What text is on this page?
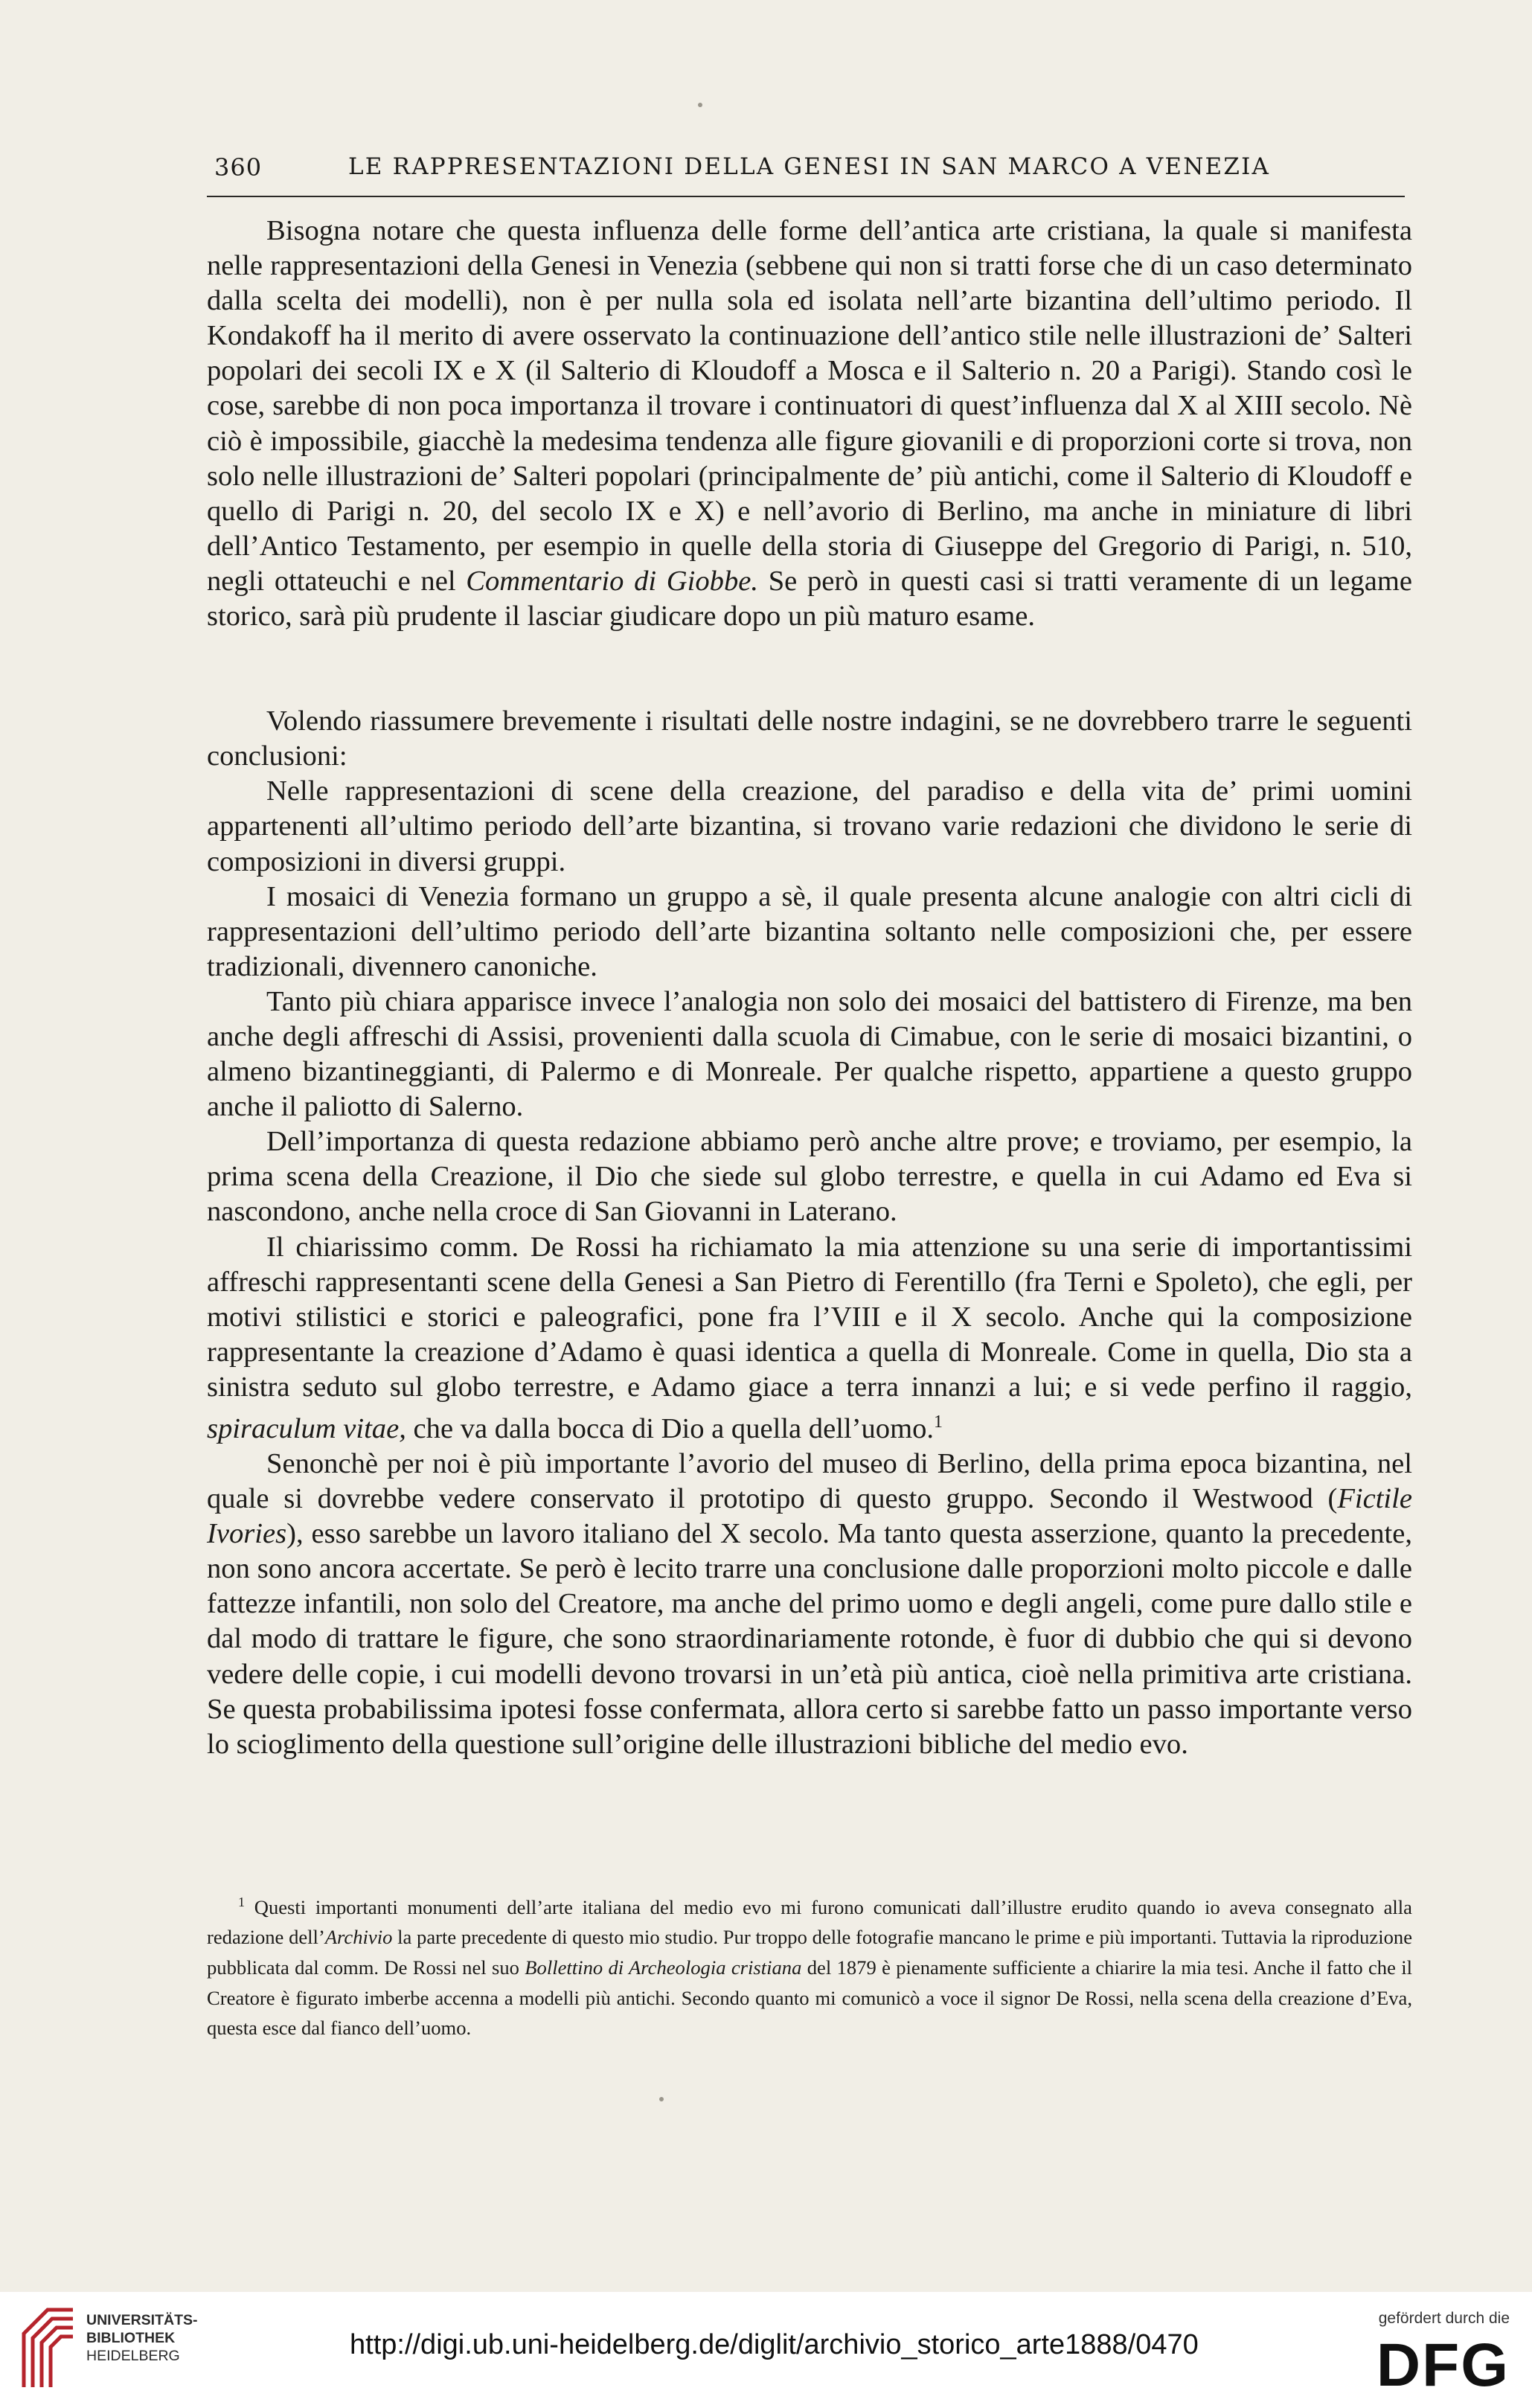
360	LE RAPPRESENTAZIONI DELLA GENESI IN SAN MARCO A VENEZIA

Bisogna notare che questa influenza delle forme dell’antica arte cristiana, la quale si manifesta nelle rappresentazioni della Genesi in Venezia (sebbene qui non si tratti forse che di un caso determinato dalla scelta dei modelli), non è per nulla sola ed isolata nell’arte bizantina dell’ultimo periodo. Il Kondakoff ha il merito di avere osservato la continuazione dell’antico stile nelle illustrazioni de’ Salteri popolari dei secoli IX e X (il Salterio di Kloudoff a Mosca e il Salterio n. 20 a Parigi). Stando così le cose, sarebbe di non poca importanza il trovare i continuatori di quest’influenza dal X al XIII secolo. Nè ciò è impossibile, giacchè la medesima tendenza alle figure giovanili e di proporzioni corte si trova, non solo nelle illustrazioni de’ Salteri popolari (principalmente de’ più antichi, come il Salterio di Kloudoff e quello di Parigi n. 20, del secolo IX e X) e nell’avorio di Berlino, ma anche in miniature di libri dell’Antico Testamento, per esempio in quelle della storia di Giuseppe del Gregorio di Parigi, n. 510, negli ottateuchi e nel Commentario di Giobbe. Se però in questi casi si tratti veramente di un legame storico, sarà più prudente il lasciar giudicare dopo un più maturo esame.

Volendo riassumere brevemente i risultati delle nostre indagini, se ne dovrebbero trarre le seguenti conclusioni:

Nelle rappresentazioni di scene della creazione, del paradiso e della vita de’ primi uomini appartenenti all’ultimo periodo dell’arte bizantina, si trovano varie redazioni che dividono le serie di composizioni in diversi gruppi.

I mosaici di Venezia formano un gruppo a sè, il quale presenta alcune analogie con altri cicli di rappresentazioni dell’ultimo periodo dell’arte bizantina soltanto nelle composizioni che, per essere tradizionali, divennero canoniche.

Tanto più chiara apparisce invece l’analogia non solo dei mosaici del battistero di Firenze, ma ben anche degli affreschi di Assisi, provenienti dalla scuola di Cimabue, con le serie di mosaici bizantini, o almeno bizantineggianti, di Palermo e di Monreale. Per qualche rispetto, appartiene a questo gruppo anche il paliotto di Salerno.

Dell’importanza di questa redazione abbiamo però anche altre prove; e troviamo, per esempio, la prima scena della Creazione, il Dio che siede sul globo terrestre, e quella in cui Adamo ed Eva si nascondono, anche nella croce di San Giovanni in Laterano.

Il chiarissimo comm. De Rossi ha richiamato la mia attenzione su una serie di importantissimi affreschi rappresentanti scene della Genesi a San Pietro di Ferentillo (fra Terni e Spoleto), che egli, per motivi stilistici e storici e paleografici, pone fra l’VIII e il X secolo. Anche qui la composizione rappresentante la creazione d’Adamo è quasi identica a quella di Monreale. Come in quella, Dio sta a sinistra seduto sul globo terrestre, e Adamo giace a terra innanzi a lui; e si vede perfino il raggio, spiraculum vitae, che va dalla bocca di Dio a quella dell’uomo.$^1$

Senonchè per noi è più importante l’avorio del museo di Berlino, della prima epoca bizantina, nel quale si dovrebbe vedere conservato il prototipo di questo gruppo. Secondo il Westwood (Fictile Ivories), esso sarebbe un lavoro italiano del X secolo. Ma tanto questa asserzione, quanto la precedente, non sono ancora accertate. Se però è lecito trarre una conclusione dalle proporzioni molto piccole e dalle fattezze infantili, non solo del Creatore, ma anche del primo uomo e degli angeli, come pure dallo stile e dal modo di trattare le figure, che sono straordinariamente rotonde, è fuor di dubbio che qui si devono vedere delle copie, i cui modelli devono trovarsi in un’età più antica, cioè nella primitiva arte cristiana. Se questa probabilissima ipotesi fosse confermata, allora certo si sarebbe fatto un passo importante verso lo scioglimento della questione sull’origine delle illustrazioni bibliche del medio evo.

$^1$ Questi importanti monumenti dell’arte italiana del medio evo mi furono comunicati dall’illustre erudito quando io aveva consegnato alla redazione dell’Archivio la parte precedente di questo mio studio. Pur troppo delle fotografie mancano le prime e più importanti. Tuttavia la riproduzione pubblicata dal comm. De Rossi nel suo Bollettino di Archeologia cristiana del 1879 è pienamente sufficiente a chiarire la mia tesi. Anche il fatto che il Creatore è figurato imberbe accenna a modelli più antichi. Secondo quanto mi comunicò a voce il signor De Rossi, nella scena della creazione d’Eva, questa esce dal fianco dell’uomo.

UNIVERSITÄTS-
BIBLIOTHEK
HEIDELBERG	http://digi.ub.uni-heidelberg.de/diglit/archivio_storico_arte1888/0470
gefördert durch die
DFG
